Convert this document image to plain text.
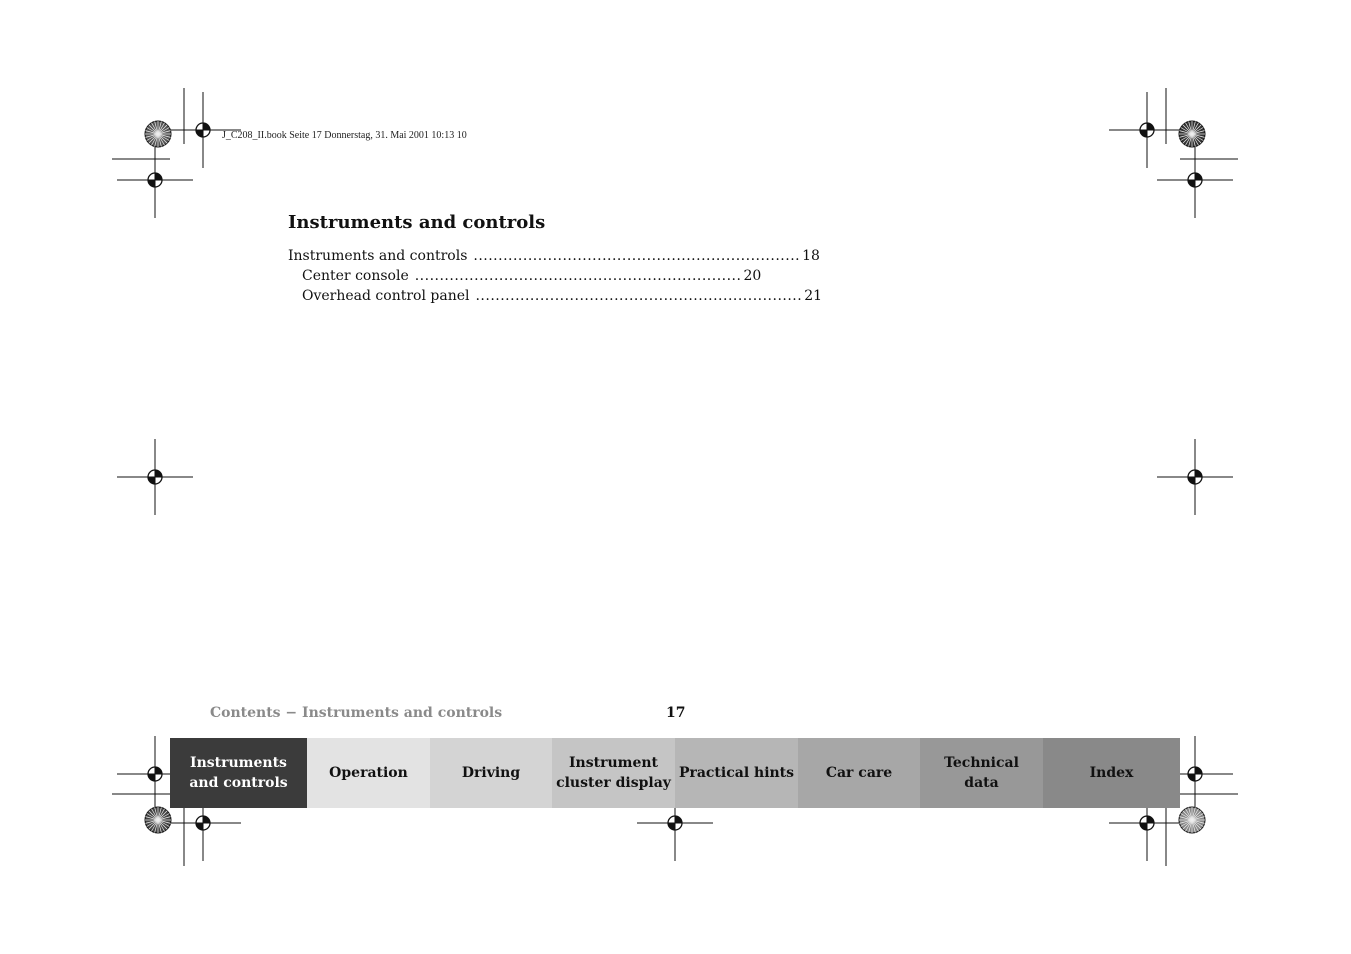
J_C208_II.book Seite 17 Donnerstag, 31. Mai 2001 10:13 10

Instruments and controls
Instruments and controls .................................................................. 18
Center console .................................................................. 20
Overhead control panel .................................................................. 21

Contents − Instruments and controls	17

Instruments
and controls
Operation	Driving
Instrument
cluster display
Practical hints	Car care
Technical
data
Index
